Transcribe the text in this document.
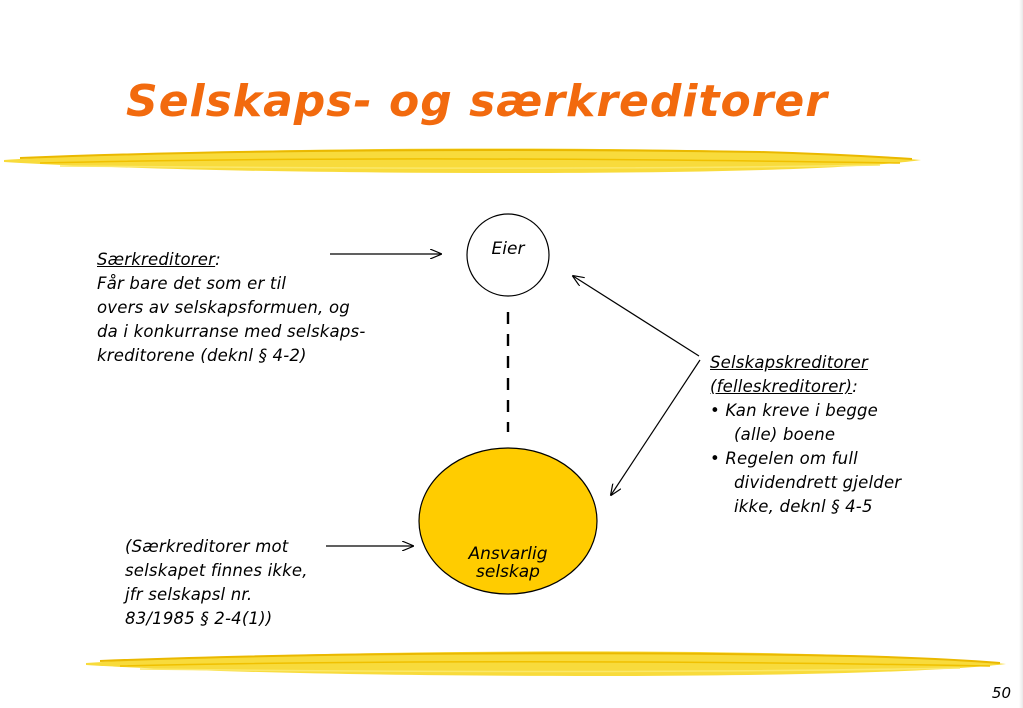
Selskaps- og særkreditorer
Eier
Ansvarlig
selskap
Særkreditorer:
Får bare det som er til
overs av selskapsformuen, og
da i konkurranse med selskaps-
kreditorene (deknl § 4-2)
(Særkreditorer mot
selskapet finnes ikke,
jfr selskapsl nr.
83/1985 § 2-4(1))
Selskapskreditorer
(felleskreditorer):
• Kan kreve i begge
(alle) boene
• Regelen om full
dividendrett gjelder
ikke, deknl § 4-5
50
